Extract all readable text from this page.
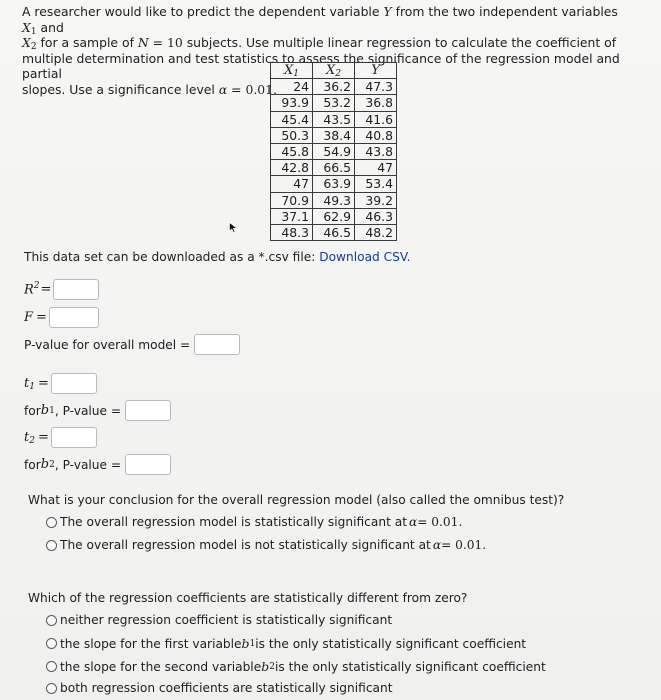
A researcher would like to predict the dependent variable Y from the two independent variables $X_1$ and
$X_2$ for a sample of N = 10 subjects. Use multiple linear regression to calculate the coefficient of
multiple determination and test statistics to assess the significance of the regression model and partial
slopes. Use a significance level α = 0.01.
$X_1$	$X_2$	Y
24	36.2	47.3
93.9	53.2	36.8
45.4	43.5	41.6
50.3	38.4	40.8
45.8	54.9	43.8
42.8	66.5	47
47	63.9	53.4
70.9	49.3	39.2
37.1	62.9	46.3
48.3	46.5	48.2
This data set can be downloaded as a *.csv file: Download CSV.
$R^2$ =
F =
P-value for overall model =
$t_1$ =
for b 1 , P-value =
$t_2$ =
for b 2 , P-value =
What is your conclusion for the overall regression model (also called the omnibus test)?
The overall regression model is statistically significant at α = 0.01.
The overall regression model is not statistically significant at α = 0.01.
Which of the regression coefficients are statistically different from zero?
neither regression coefficient is statistically significant
the slope for the first variable b 1 is the only statistically significant coefficient
the slope for the second variable b 2 is the only statistically significant coefficient
both regression coefficients are statistically significant
